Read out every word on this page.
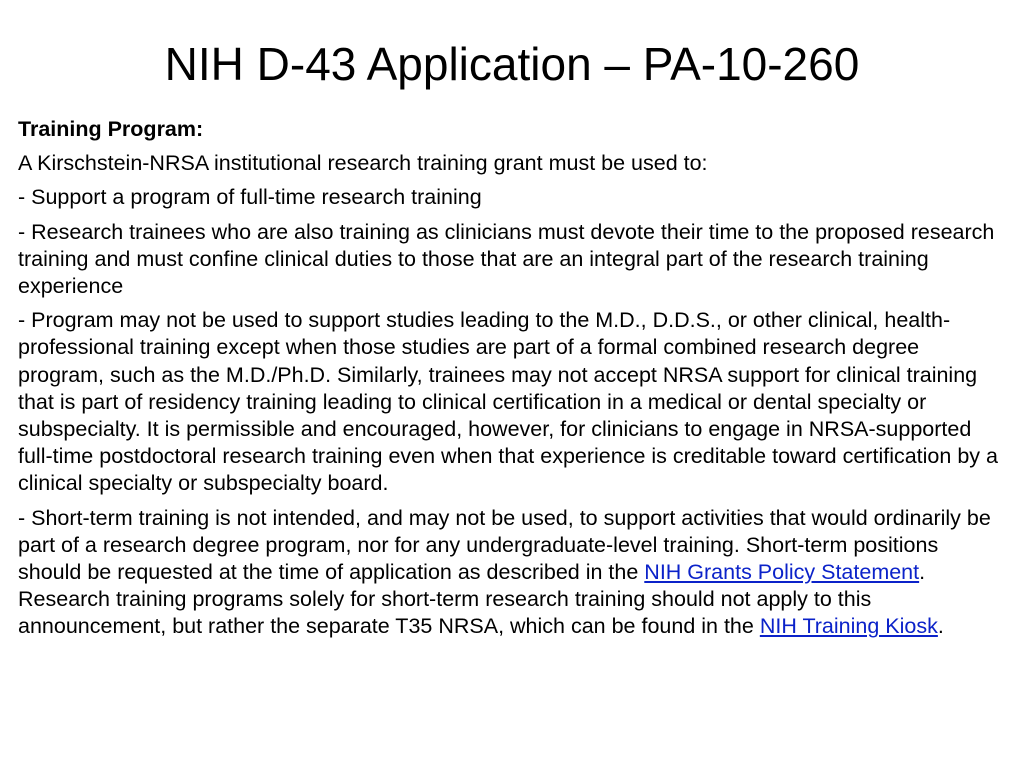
NIH D-43 Application – PA-10-260
Training Program:
A Kirschstein-NRSA institutional research training grant must be used to:
- Support a program of full-time research training
- Research trainees who are also training as clinicians must devote their time to the proposed research training and must confine clinical duties to those that are an integral part of the research training experience
- Program may not be used to support studies leading to the M.D., D.D.S., or other clinical, health-professional training except when those studies are part of a formal combined research degree program, such as the M.D./Ph.D. Similarly, trainees may not accept NRSA support for clinical training that is part of residency training leading to clinical certification in a medical or dental specialty or subspecialty. It is permissible and encouraged, however, for clinicians to engage in NRSA-supported full-time postdoctoral research training even when that experience is creditable toward certification by a clinical specialty or subspecialty board.
- Short-term training is not intended, and may not be used, to support activities that would ordinarily be part of a research degree program, nor for any undergraduate-level training. Short-term positions should be requested at the time of application as described in the NIH Grants Policy Statement.  Research training programs solely for short-term research training should not apply to this announcement, but rather the separate T35 NRSA, which can be found in the NIH Training Kiosk.
